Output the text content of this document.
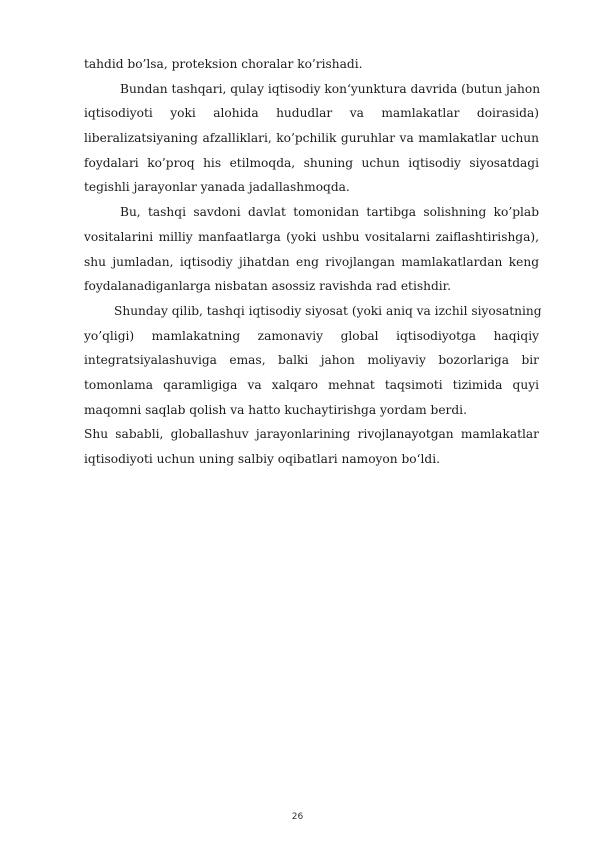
tahdid bo’lsa, proteksion choralar ko’rishadi.
Bundan tashqari, qulay iqtisodiy kon‘yunktura davrida (butun jahon
iqtisodiyoti yoki alohida hududlar va mamlakatlar doirasida)
liberalizatsiyaning afzalliklari, ko’pchilik guruhlar va mamlakatlar uchun
foydalari ko’proq his etilmoqda, shuning uchun iqtisodiy siyosatdagi
tegishli jarayonlar yanada jadallashmoqda.
Bu, tashqi savdoni davlat tomonidan tartibga solishning ko’plab
vositalarini milliy manfaatlarga (yoki ushbu vositalarni zaiflashtirishga),
shu jumladan, iqtisodiy jihatdan eng rivojlangan mamlakatlardan keng
foydalanadiganlarga nisbatan asossiz ravishda rad etishdir.
Shunday qilib, tashqi iqtisodiy siyosat (yoki aniq va izchil siyosatning
yo’qligi) mamlakatning zamonaviy global iqtisodiyotga haqiqiy
integratsiyalashuviga emas, balki jahon moliyaviy bozorlariga bir
tomonlama qaramligiga va xalqaro mehnat taqsimoti tizimida quyi
maqomni saqlab qolish va hatto kuchaytirishga yordam berdi.
Shu sababli, globallashuv jarayonlarining rivojlanayotgan mamlakatlar
iqtisodiyoti uchun uning salbiy oqibatlari namoyon bo‘ldi.
26
